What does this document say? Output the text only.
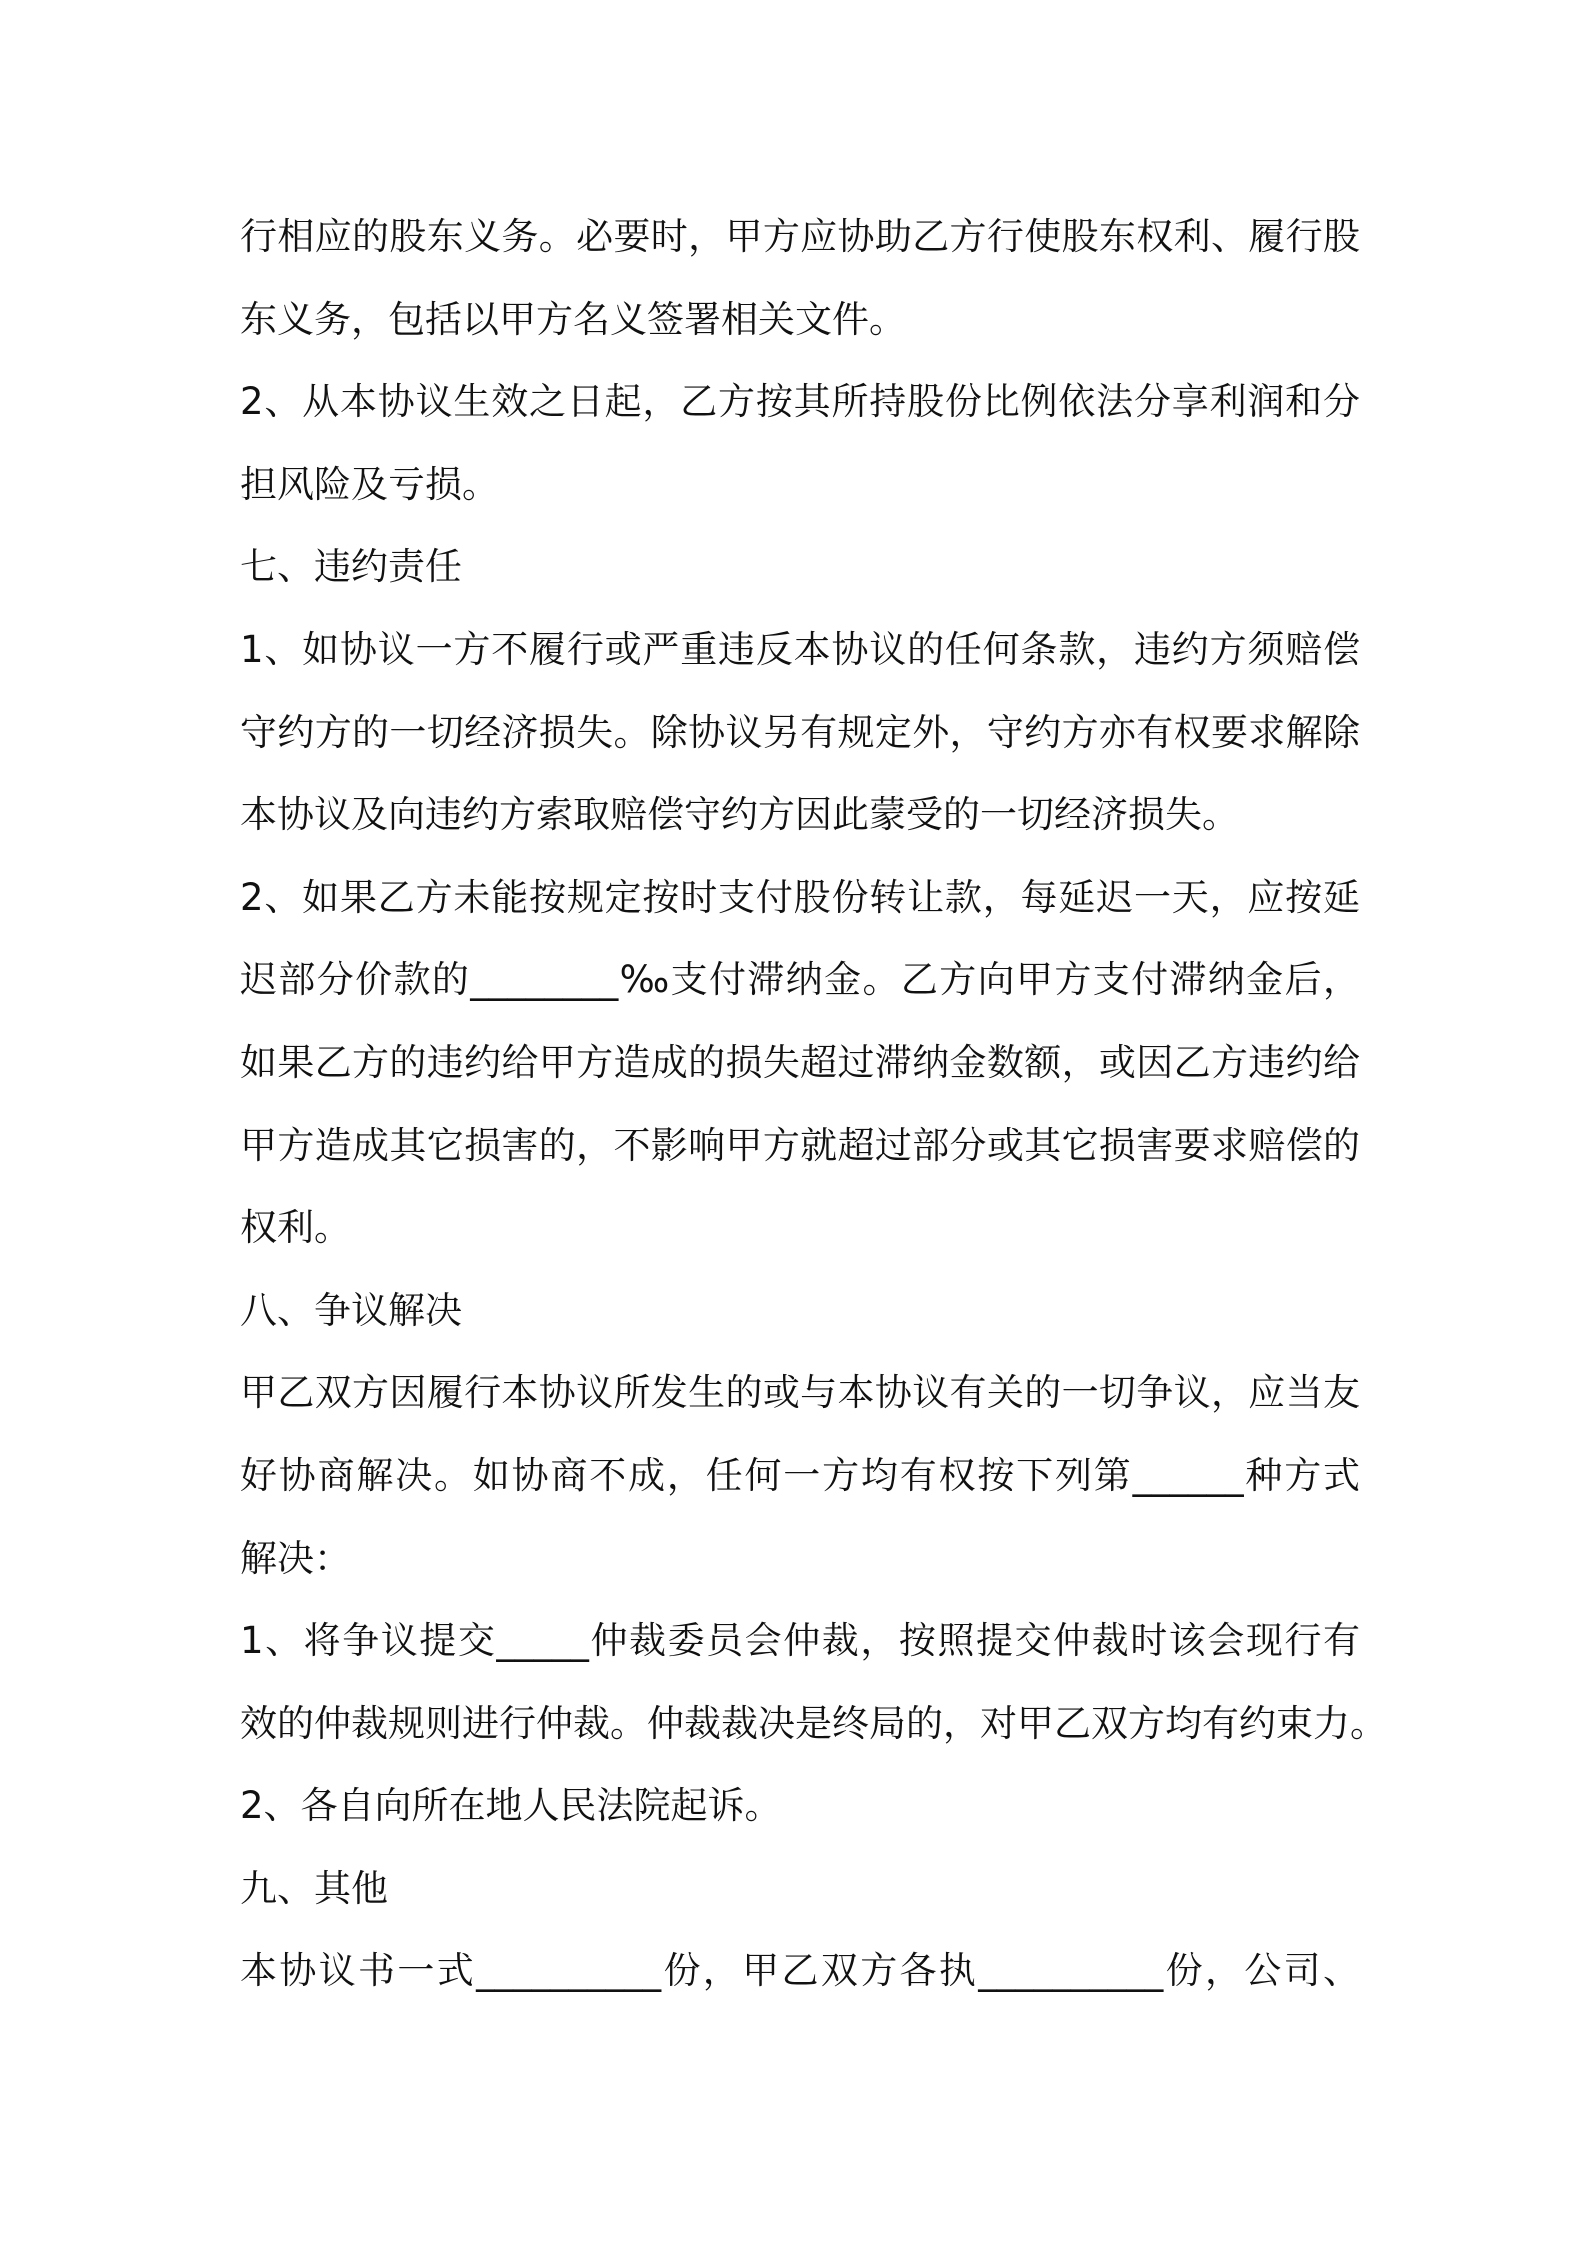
行相应的股东义务。必要时，甲方应协助乙方行使股东权利、履行股
东义务，包括以甲方名义签署相关文件。
2、从本协议生效之日起，乙方按其所持股份比例依法分享利润和分
担风险及亏损。
七、违约责任
1、如协议一方不履行或严重违反本协议的任何条款，违约方须赔偿
守约方的一切经济损失。除协议另有规定外，守约方亦有权要求解除
本协议及向违约方索取赔偿守约方因此蒙受的一切经济损失。
2、如果乙方未能按规定按时支付股份转让款，每延迟一天，应按延
迟部分价款的________‰支付滞纳金。乙方向甲方支付滞纳金后，
如果乙方的违约给甲方造成的损失超过滞纳金数额，或因乙方违约给
甲方造成其它损害的，不影响甲方就超过部分或其它损害要求赔偿的
权利。
八、争议解决
甲乙双方因履行本协议所发生的或与本协议有关的一切争议，应当友
好协商解决。如协商不成，任何一方均有权按下列第______种方式
解决：
1、将争议提交_____仲裁委员会仲裁，按照提交仲裁时该会现行有
效的仲裁规则进行仲裁。仲裁裁决是终局的，对甲乙双方均有约束力。
2、各自向所在地人民法院起诉。
九、其他
本协议书一式__________份，甲乙双方各执__________份，公司、
